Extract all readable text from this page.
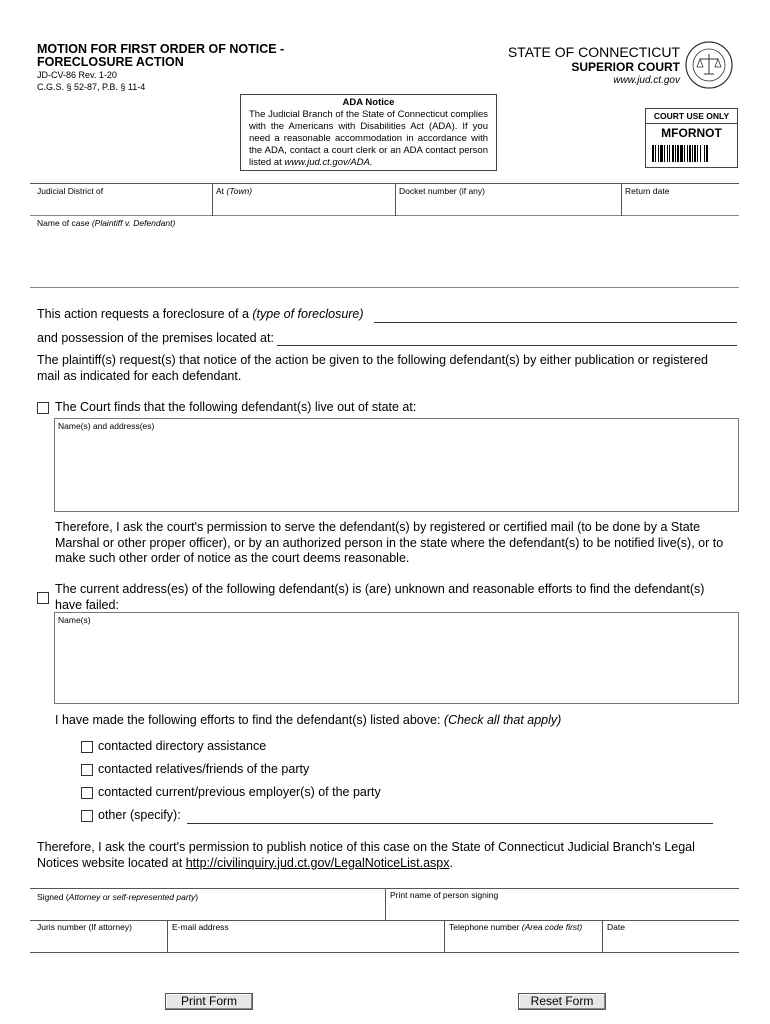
MOTION FOR FIRST ORDER OF NOTICE -
FORECLOSURE ACTION
JD-CV-86 Rev. 1-20
C.G.S. § 52-87, P.B. § 11-4
STATE OF CONNECTICUT
SUPERIOR COURT
www.jud.ct.gov
ADA Notice
The Judicial Branch of the State of Connecticut complies with the Americans with Disabilities Act (ADA). If you need a reasonable accommodation in accordance with the ADA, contact a court clerk or an ADA contact person listed at www.jud.ct.gov/ADA.
COURT USE ONLY
MFORNOT
Judicial District of	At (Town)	Docket number (if any)	Return date
Name of case (Plaintiff v. Defendant)
This action requests a foreclosure of a (type of foreclosure)
and possession of the premises located at:
The plaintiff(s) request(s) that notice of the action be given to the following defendant(s) by either publication or registered mail as indicated for each defendant.
The Court finds that the following defendant(s) live out of state at:
Name(s) and address(es)
Therefore, I ask the court's permission to serve the defendant(s) by registered or certified mail (to be done by a State Marshal or other proper officer), or by an authorized person in the state where the defendant(s) to be notified live(s), or to make such other order of notice as the court deems reasonable.
The current address(es) of the following defendant(s) is (are) unknown and reasonable efforts to find the defendant(s) have failed:
Name(s)
I have made the following efforts to find the defendant(s) listed above: (Check all that apply)
contacted directory assistance
contacted relatives/friends of the party
contacted current/previous employer(s) of the party
other (specify):
Therefore, I ask the court's permission to publish notice of this case on the State of Connecticut Judicial Branch's Legal Notices website located at http://civilinquiry.jud.ct.gov/LegalNoticeList.aspx.
Signed (Attorney or self-represented party)	Print name of person signing
Juris number (If attorney)	E-mail address	Telephone number (Area code first)	Date
Print Form	Reset Form
